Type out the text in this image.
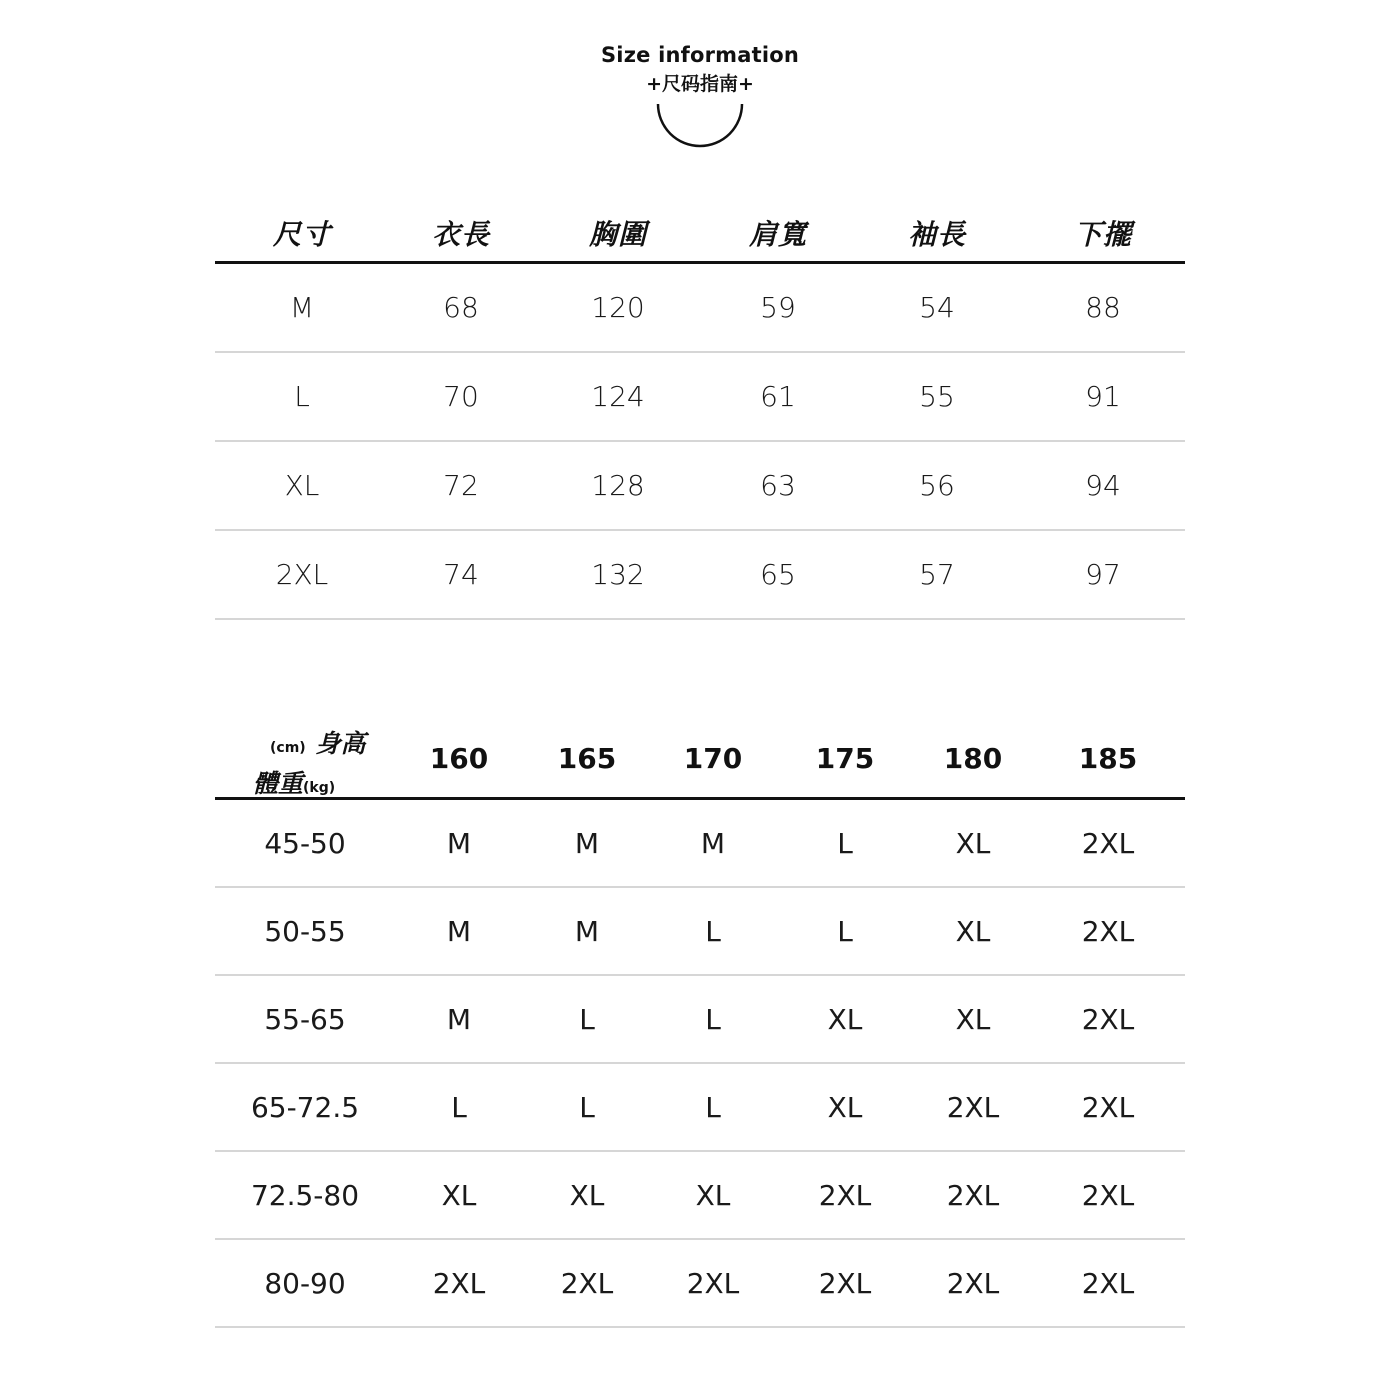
Size information
+尺码指南+
尺寸	衣長	胸圍	肩寬	袖長	下擺
M	68	120	59	54	88
L	70	124	61	55	91
XL	72	128	63	56	94
2XL	74	132	65	57	97
(cm) 身高
體重(kg)	160	165	170	175	180	185
45-50	M	M	M	L	XL	2XL
50-55	M	M	L	L	XL	2XL
55-65	M	L	L	XL	XL	2XL
65-72.5	L	L	L	XL	2XL	2XL
72.5-80	XL	XL	XL	2XL	2XL	2XL
80-90	2XL	2XL	2XL	2XL	2XL	2XL
